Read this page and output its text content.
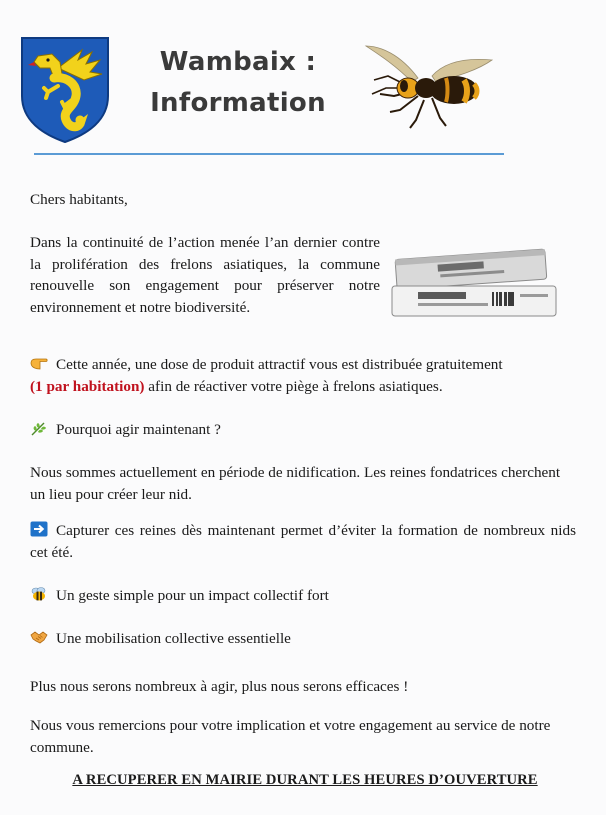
Wambaix :
Information

Chers habitants,

Dans la continuité de l’action menée l’an dernier contre la prolifération des frelons asiatiques, la commune renouvelle son engagement pour préserver notre environnement et notre biodiversité.

Cette année, une dose de produit attractif vous est distribuée gratuitement
(1 par habitation) afin de réactiver votre piège à frelons asiatiques.

Pourquoi agir maintenant ?

Nous sommes actuellement en période de nidification. Les reines fondatrices cherchent un lieu pour créer leur nid.

Capturer ces reines dès maintenant permet d’éviter la formation de nombreux nids cet été.

Un geste simple pour un impact collectif fort

Une mobilisation collective essentielle

Plus nous serons nombreux à agir, plus nous serons efficaces !

Nous vous remercions pour votre implication et votre engagement au service de notre commune.

A RECUPERER EN MAIRIE DURANT LES HEURES D’OUVERTURE
